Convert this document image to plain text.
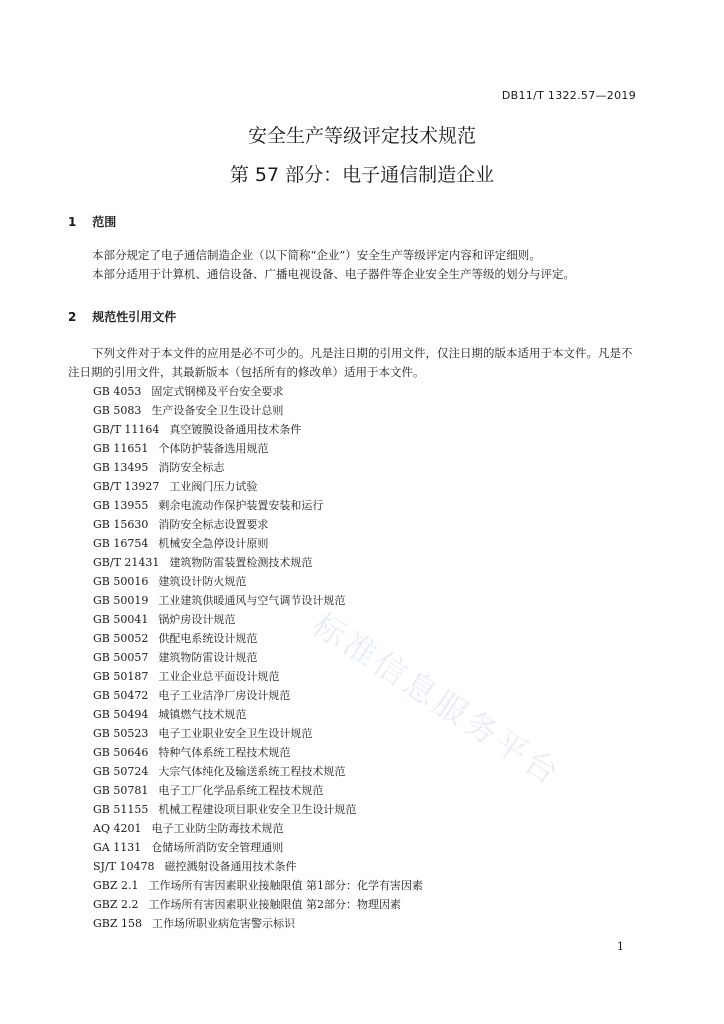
DB11/T 1322.57—2019
安全生产等级评定技术规范
第 57 部分：电子通信制造企业
1 范围

本部分规定了电子通信制造企业（以下简称“企业”）安全生产等级评定内容和评定细则。

本部分适用于计算机、通信设备、广播电视设备、电子器件等企业安全生产等级的划分与评定。

2 规范性引用文件

下列文件对于本文件的应用是必不可少的。凡是注日期的引用文件，仅注日期的版本适用于本文件。凡是不注日期的引用文件，其最新版本（包括所有的修改单）适用于本文件。

GB 4053 固定式钢梯及平台安全要求
GB 5083 生产设备安全卫生设计总则
GB/T 11164 真空镀膜设备通用技术条件
GB 11651 个体防护装备选用规范
GB 13495 消防安全标志
GB/T 13927 工业阀门压力试验
GB 13955 剩余电流动作保护装置安装和运行
GB 15630 消防安全标志设置要求
GB 16754 机械安全急停设计原则
GB/T 21431 建筑物防雷装置检测技术规范
GB 50016 建筑设计防火规范
GB 50019 工业建筑供暖通风与空气调节设计规范
GB 50041 锅炉房设计规范
GB 50052 供配电系统设计规范
GB 50057 建筑物防雷设计规范
GB 50187 工业企业总平面设计规范
GB 50472 电子工业洁净厂房设计规范
GB 50494 城镇燃气技术规范
GB 50523 电子工业职业安全卫生设计规范
GB 50646 特种气体系统工程技术规范
GB 50724 大宗气体纯化及输送系统工程技术规范
GB 50781 电子工厂化学品系统工程技术规范
GB 51155 机械工程建设项目职业安全卫生设计规范
AQ 4201 电子工业防尘防毒技术规范
GA 1131 仓储场所消防安全管理通则
SJ/T 10478 磁控溅射设备通用技术条件
GBZ 2.1 工作场所有害因素职业接触限值 第1部分：化学有害因素
GBZ 2.2 工作场所有害因素职业接触限值 第2部分：物理因素
GBZ 158 工作场所职业病危害警示标识
1
标准信息服务平台
